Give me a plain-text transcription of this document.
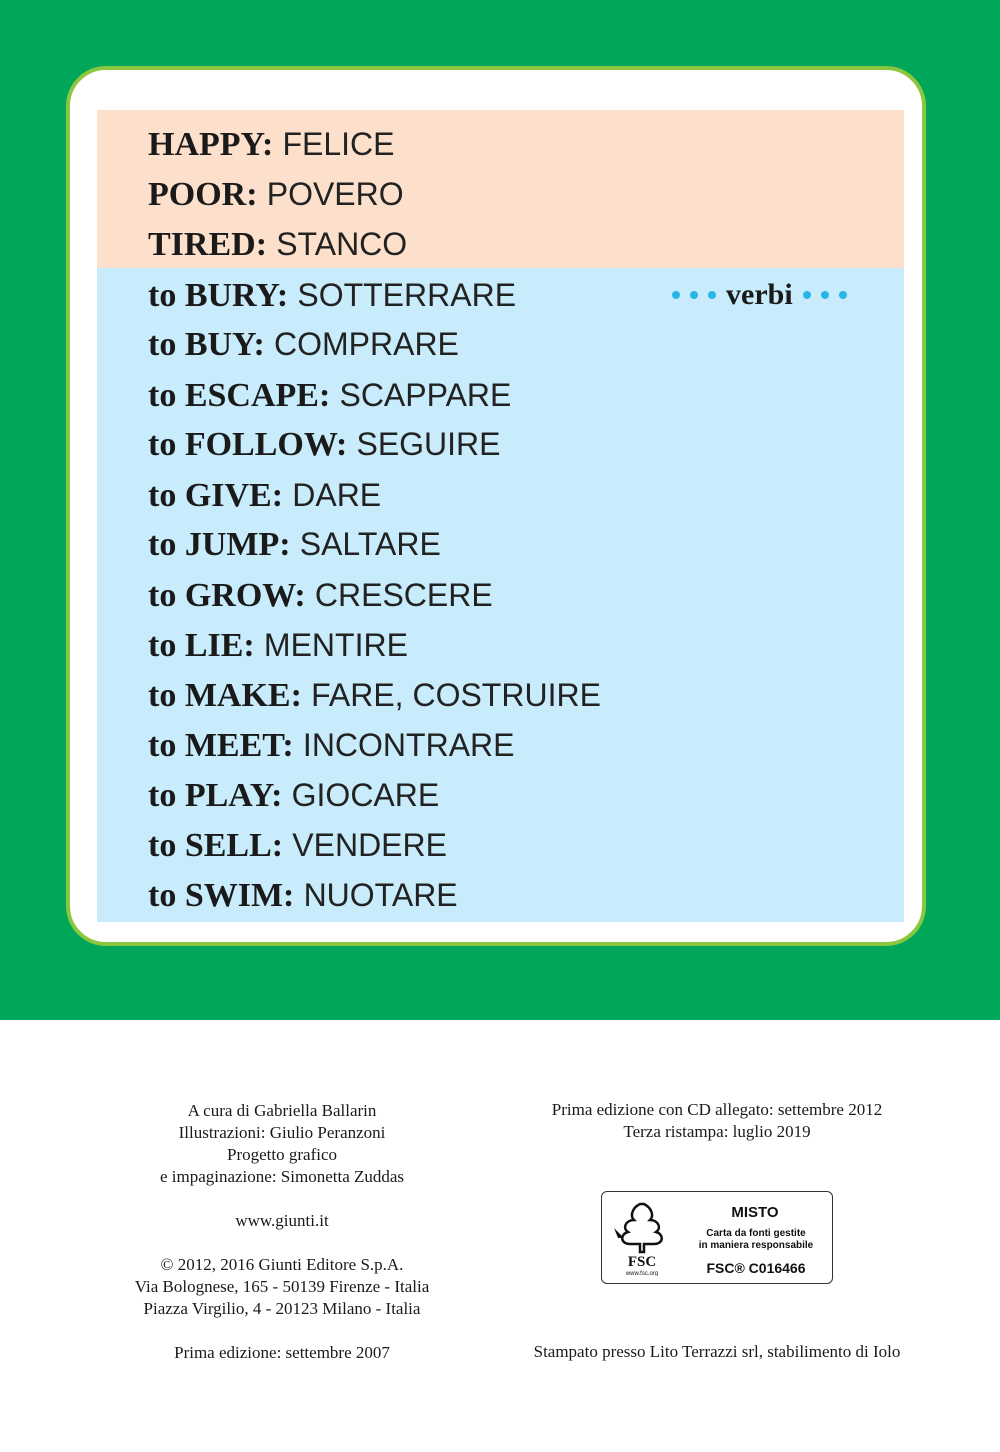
HAPPY: FELICE
POOR: POVERO
TIRED: STANCO
verbi
to BURY: SOTTERRARE
to BUY: COMPRARE
to ESCAPE: SCAPPARE
to FOLLOW: SEGUIRE
to GIVE: DARE
to JUMP: SALTARE
to GROW: CRESCERE
to LIE: MENTIRE
to MAKE: FARE, COSTRUIRE
to MEET: INCONTRARE
to PLAY: GIOCARE
to SELL: VENDERE
to SWIM: NUOTARE
A cura di Gabriella Ballarin
Illustrazioni: Giulio Peranzoni
Progetto grafico
e impaginazione: Simonetta Zuddas
www.giunti.it
© 2012, 2016 Giunti Editore S.p.A.
Via Bolognese, 165 - 50139 Firenze - Italia
Piazza Virgilio, 4 - 20123 Milano - Italia
Prima edizione: settembre 2007
Prima edizione con CD allegato: settembre 2012
Terza ristampa: luglio 2019
FSC
www.fsc.org
MISTO
Carta da fonti gestite
in maniera responsabile
FSC® C016466
Stampato presso Lito Terrazzi srl, stabilimento di Iolo
